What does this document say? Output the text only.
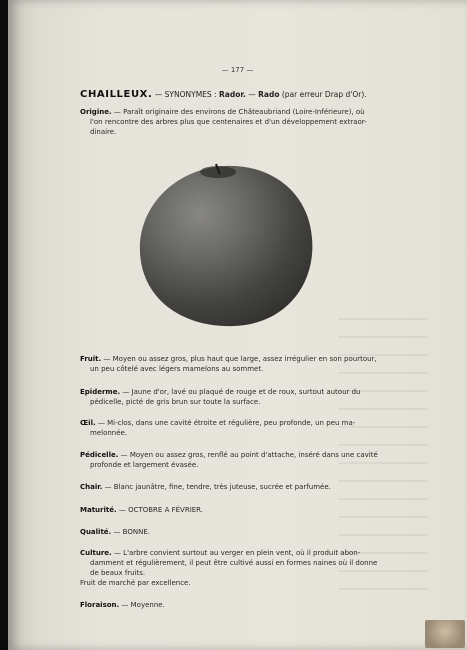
— 177 —
CHAILLEUX. — SYNONYMES : Rador. — Rado (par erreur Drap d'Or).
Origine. — Paraît originaire des environs de Châteaubriand (Loire-Inférieure), où

l'on rencontre des arbres plus que centenaires et d'un développement extraor-
dinaire.
Fruit. — Moyen ou assez gros, plus haut que large, assez irrégulier en son pourtour,
un peu côtelé avec légers mamelons au sommet.
Epiderme. — Jaune d'or, lavé ou plaqué de rouge et de roux, surtout autour du
pédicelle, picté de gris brun sur toute la surface.
Œil. — Mi-clos, dans une cavité étroite et régulière, peu profonde, un peu ma-
melonnée.
Pédicelle. — Moyen ou assez gros, renflé au point d'attache, inséré dans une cavité
profonde et largement évasée.
Chair. — Blanc jaunâtre, fine, tendre, très juteuse, sucrée et parfumée.
Maturité. — OCTOBRE A FÉVRIER.
Qualité. — BONNE.
Culture. — L'arbre convient surtout au verger en plein vent, où il produit abon-
damment et régulièrement, il peut être cultivé aussi en formes naines où il donne
de beaux fruits.
Fruit de marché par excellence.
Floraison. — Moyenne.
